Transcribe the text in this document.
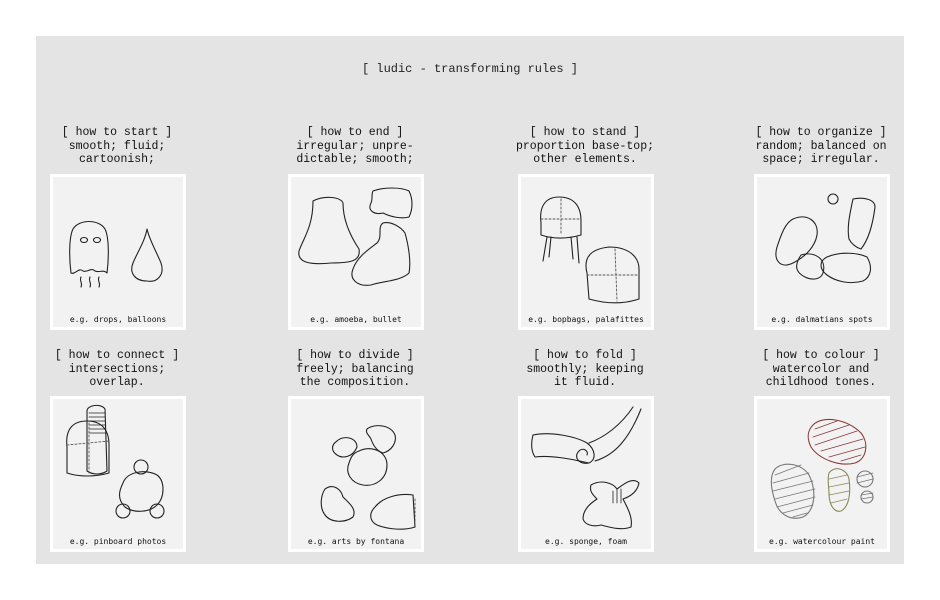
[ ludic - transforming rules ]
[ how to start ]
smooth; fluid;
cartoonish;
e.g. drops, balloons
[ how to end ]
irregular; unpre-
dictable; smooth;
e.g. amoeba, bullet
[ how to stand ]
proportion base-top;
other elements.
e.g. bopbags, palafittes
[ how to organize ]
random; balanced on
space; irregular.
e.g. dalmatians spots
[ how to connect ]
intersections;
overlap.
e.g. pinboard photos
[ how to divide ]
freely; balancing
the composition.
e.g. arts by fontana
[ how to fold ]
smoothly; keeping
it fluid.
e.g. sponge, foam
[ how to colour ]
watercolor and
childhood tones.
e.g. watercolour paint
